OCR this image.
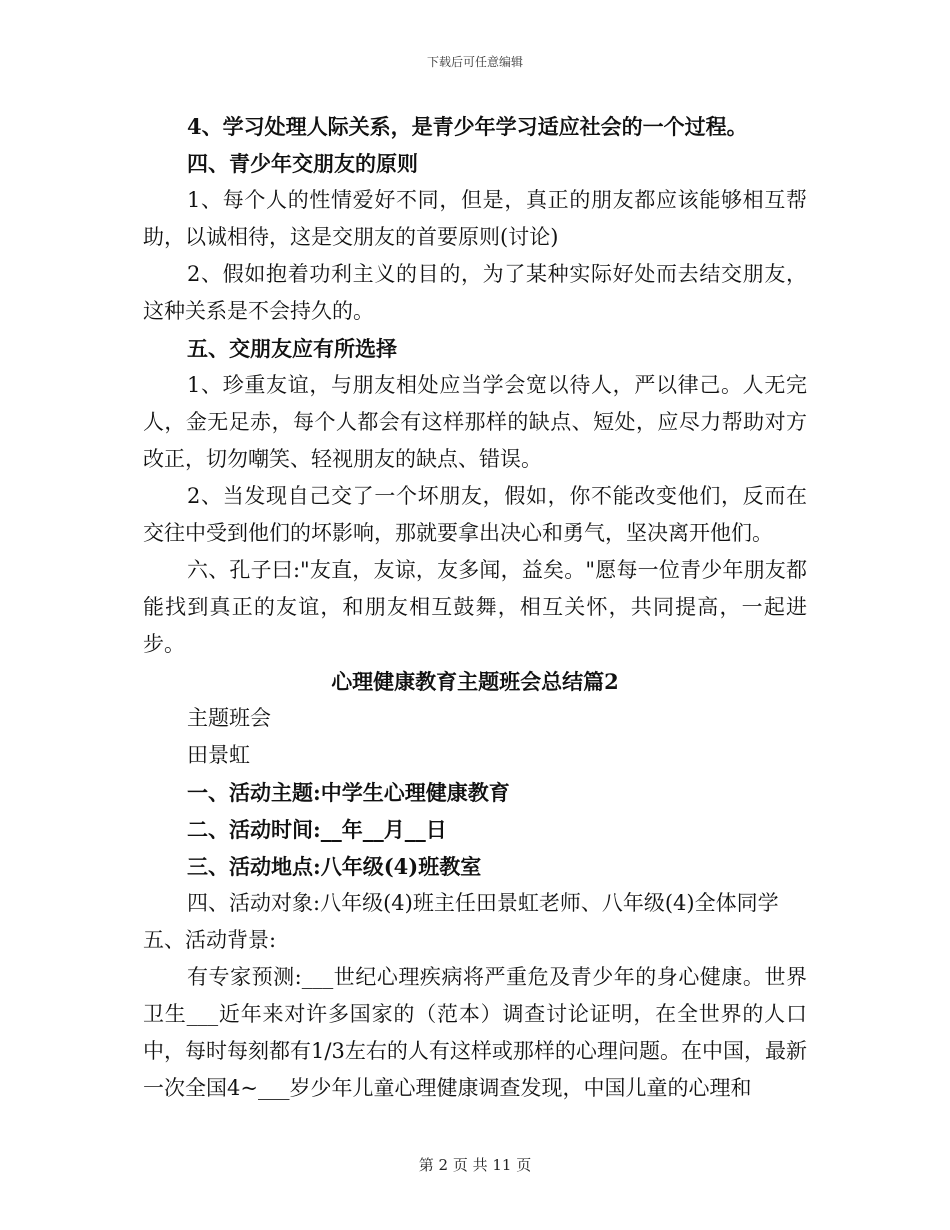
下载后可任意编辑

4、学习处理人际关系，是青少年学习适应社会的一个过程。

四、青少年交朋友的原则

1、每个人的性情爱好不同，但是，真正的朋友都应该能够相互帮助，以诚相待，这是交朋友的首要原则(讨论)

2、假如抱着功利主义的目的，为了某种实际好处而去结交朋友，这种关系是不会持久的。

五、交朋友应有所选择

1、珍重友谊，与朋友相处应当学会宽以待人，严以律己。人无完人，金无足赤，每个人都会有这样那样的缺点、短处，应尽力帮助对方改正，切勿嘲笑、轻视朋友的缺点、错误。

2、当发现自己交了一个坏朋友，假如，你不能改变他们，反而在交往中受到他们的坏影响，那就要拿出决心和勇气，坚决离开他们。

六、孔子曰:"友直，友谅，友多闻，益矣。"愿每一位青少年朋友都能找到真正的友谊，和朋友相互鼓舞，相互关怀，共同提高，一起进步。

心理健康教育主题班会总结篇2

主题班会

田景虹

一、活动主题:中学生心理健康教育

二、活动时间:__年__月__日

三、活动地点:八年级(4)班教室

四、活动对象:八年级(4)班主任田景虹老师、八年级(4)全体同学

五、活动背景:

有专家预测:___世纪心理疾病将严重危及青少年的身心健康。世界卫生___近年来对许多国家的（范本）调查讨论证明，在全世界的人口中，每时每刻都有1/3左右的人有这样或那样的心理问题。在中国，最新一次全国4~___岁少年儿童心理健康调查发现，中国儿童的心理和

第 2 页 共 11 页
